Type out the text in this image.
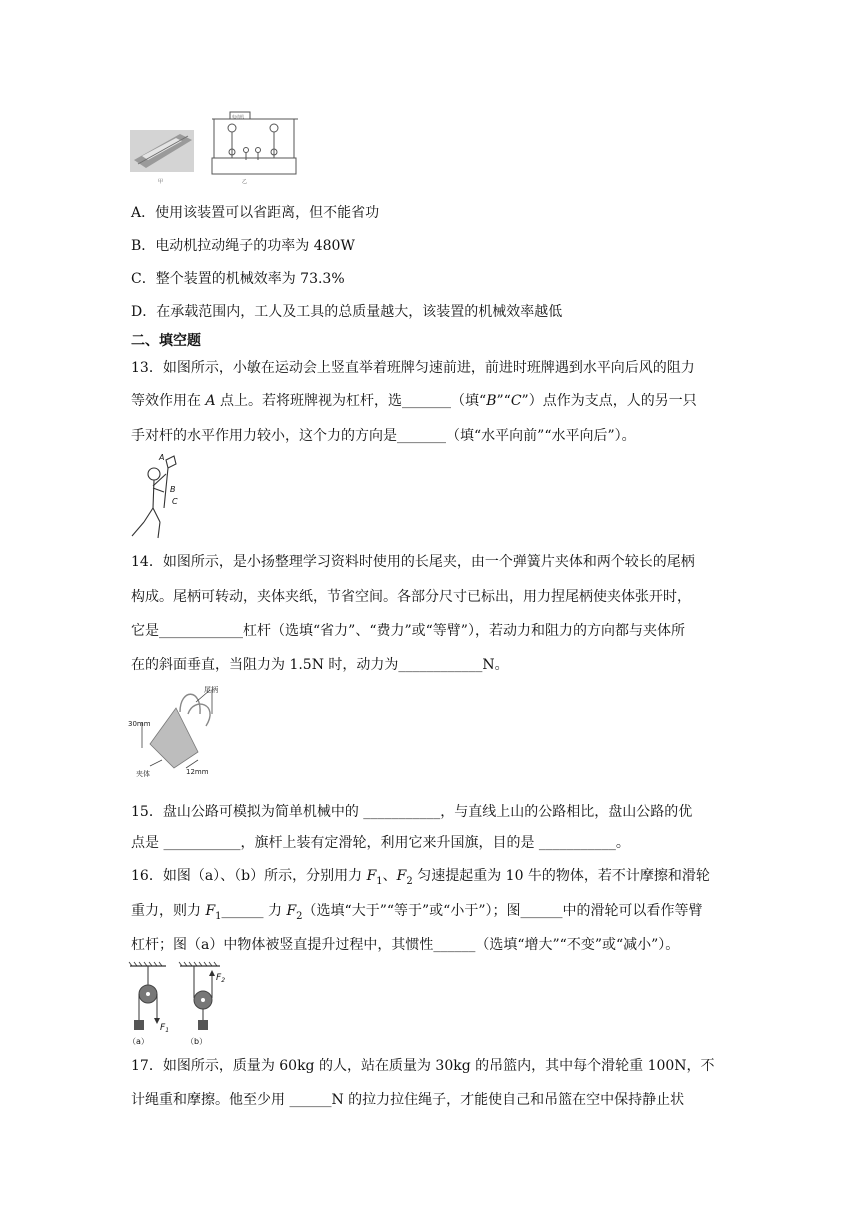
甲
电动机
乙
A．使用该装置可以省距离，但不能省功
B．电动机拉动绳子的功率为 480W
C．整个装置的机械效率为 73.3%
D．在承载范围内，工人及工具的总质量越大，该装置的机械效率越低
二、填空题
13．如图所示，小敏在运动会上竖直举着班牌匀速前进，前进时班牌遇到水平向后风的阻力
等效作用在 A 点上。若将班牌视为杠杆，选_______（填“B”“C”）点作为支点，人的另一只
手对杆的水平作用力较小，这个力的方向是_______（填“水平向前”“水平向后”）。
A
B
C
14．如图所示，是小扬整理学习资料时使用的长尾夹，由一个弹簧片夹体和两个较长的尾柄
构成。尾柄可转动，夹体夹纸，节省空间。各部分尺寸已标出，用力捏尾柄使夹体张开时，
它是____________杠杆（选填“省力”、“费力”或“等臂”），若动力和阻力的方向都与夹体所
在的斜面垂直，当阻力为 1.5N 时，动力为____________N。
尾柄
30mm
夹体	12mm
15．盘山公路可模拟为简单机械中的 ___________，与直线上山的公路相比，盘山公路的优
点是 ___________，旗杆上装有定滑轮，利用它来升国旗，目的是 ___________。
16．如图（a）、（b）所示，分别用力 $F_1$、$F_2$ 匀速提起重为 10 牛的物体，若不计摩擦和滑轮
重力，则力 $F_1\_\_\_\_\_\_$ 力 $F_2$（选填“大于”“等于”或“小于”）；图______中的滑轮可以看作等臂
杠杆；图（a）中物体被竖直提升过程中，其惯性______（选填“增大”“不变”或“减小”）。
$F_1$
$F_2$
（a）	（b）
17．如图所示，质量为 60kg 的人，站在质量为 30kg 的吊篮内，其中每个滑轮重 100N，不
计绳重和摩擦。他至少用 ______N 的拉力拉住绳子，才能使自己和吊篮在空中保持静止状
